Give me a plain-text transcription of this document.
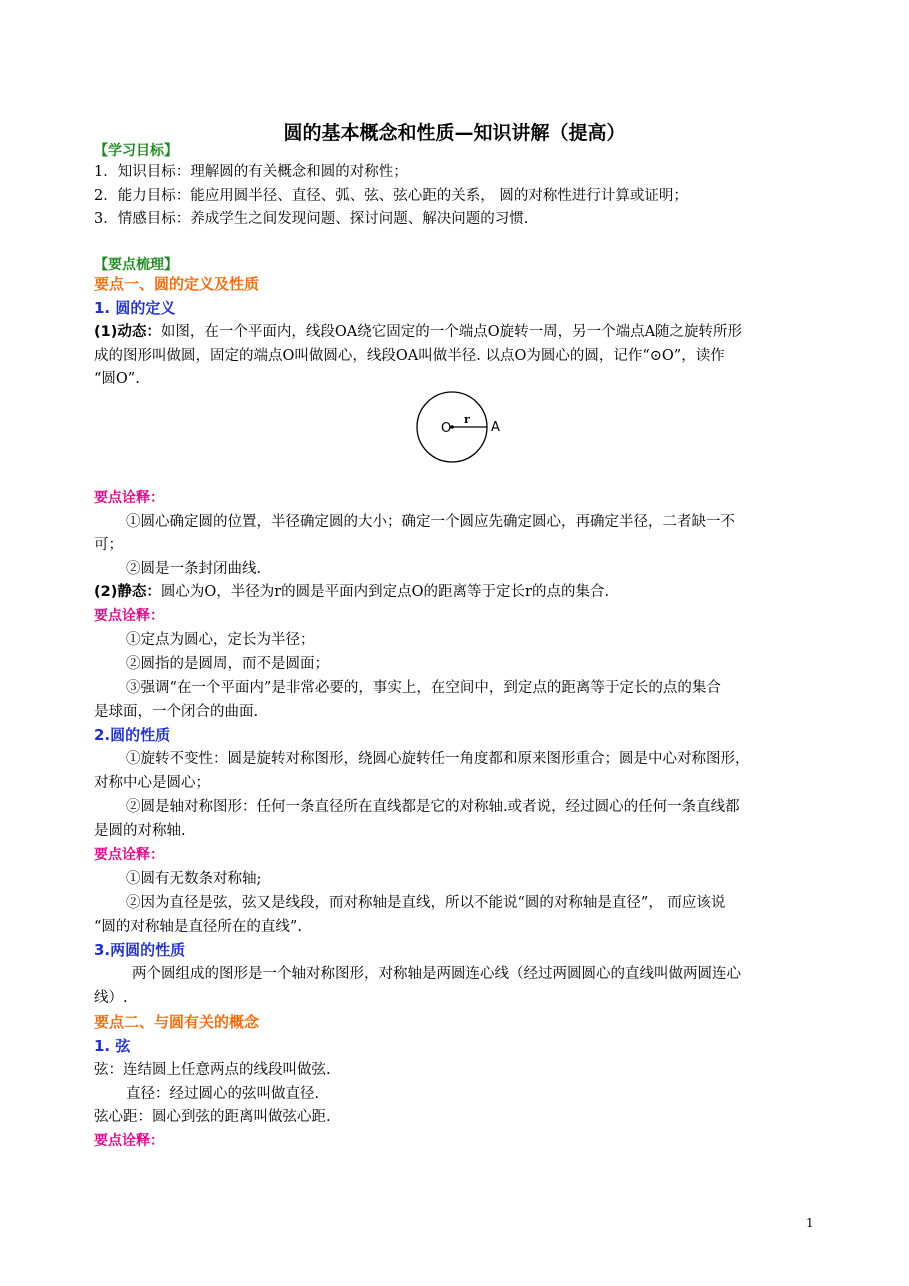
圆的基本概念和性质—知识讲解（提高）
【学习目标】
1．知识目标：理解圆的有关概念和圆的对称性；
2．能力目标：能应用圆半径、直径、弧、弦、弦心距的关系， 圆的对称性进行计算或证明；
3．情感目标：养成学生之间发现问题、探讨问题、解决问题的习惯.
【要点梳理】
要点一、圆的定义及性质
1. 圆的定义
(1)动态：如图，在一个平面内，线段OA绕它固定的一个端点O旋转一周，另一个端点A随之旋转所形
成的图形叫做圆，固定的端点O叫做圆心，线段OA叫做半径. 以点O为圆心的圆，记作“⊙O”，读作
“圆O”.
O
r
A
要点诠释：
①圆心确定圆的位置，半径确定圆的大小；确定一个圆应先确定圆心，再确定半径，二者缺一不
可；
②圆是一条封闭曲线.
(2)静态：圆心为O，半径为r的圆是平面内到定点O的距离等于定长r的点的集合.
要点诠释：
①定点为圆心，定长为半径；
②圆指的是圆周，而不是圆面；
③强调“在一个平面内”是非常必要的，事实上，在空间中，到定点的距离等于定长的点的集合
是球面，一个闭合的曲面.
2.圆的性质
①旋转不变性：圆是旋转对称图形，绕圆心旋转任一角度都和原来图形重合；圆是中心对称图形，
对称中心是圆心；
②圆是轴对称图形：任何一条直径所在直线都是它的对称轴.或者说，经过圆心的任何一条直线都
是圆的对称轴.
要点诠释：
①圆有无数条对称轴;
②因为直径是弦，弦又是线段，而对称轴是直线，所以不能说“圆的对称轴是直径”， 而应该说
“圆的对称轴是直径所在的直线”.
3.两圆的性质
两个圆组成的图形是一个轴对称图形，对称轴是两圆连心线（经过两圆圆心的直线叫做两圆连心
线）.
要点二、与圆有关的概念
1. 弦
弦：连结圆上任意两点的线段叫做弦.
直径：经过圆心的弦叫做直径.
弦心距：圆心到弦的距离叫做弦心距.
要点诠释：
1
